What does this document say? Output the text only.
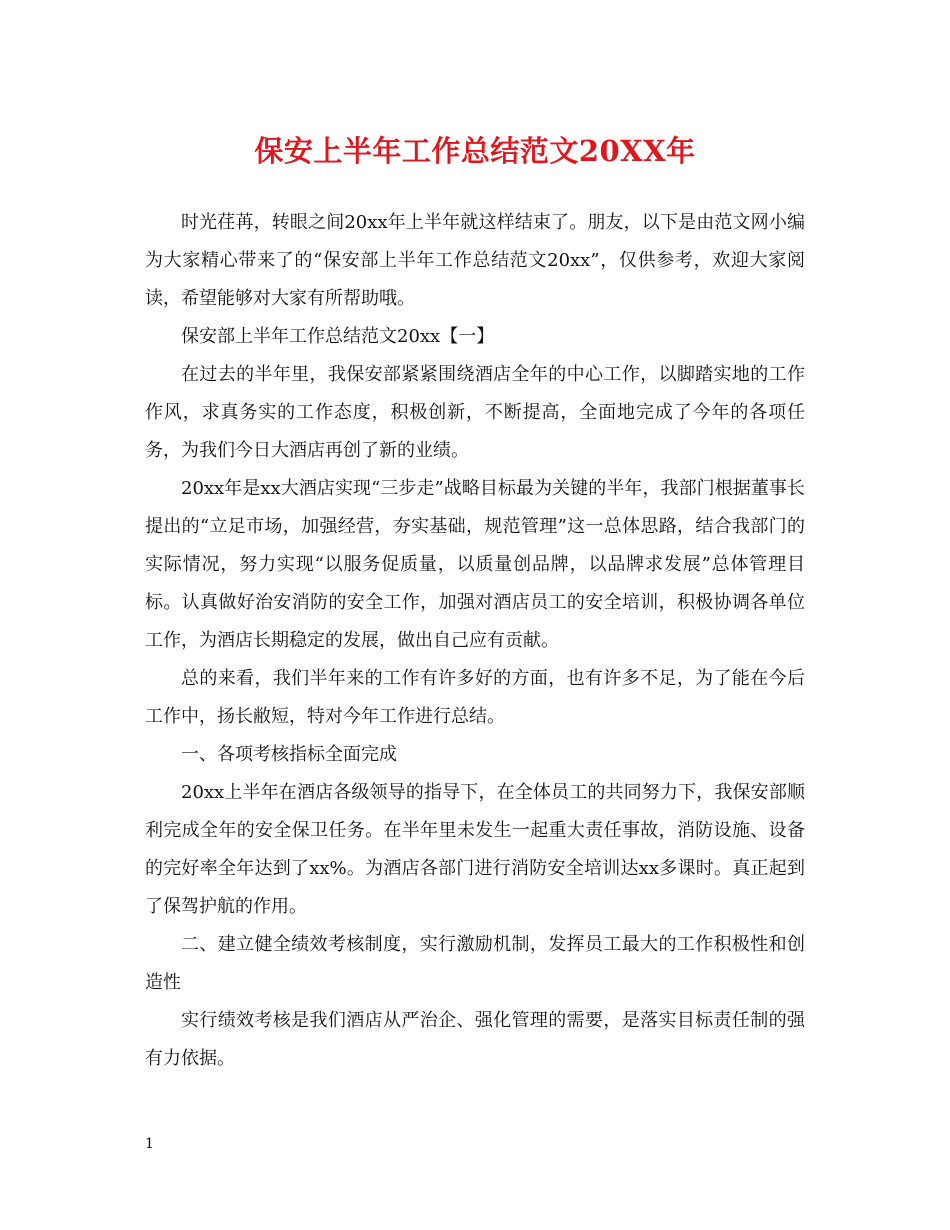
保安上半年工作总结范文20XX年

时光荏苒，转眼之间20xx年上半年就这样结束了。朋友，以下是由范文网小编为大家精心带来了的“保安部上半年工作总结范文20xx”，仅供参考，欢迎大家阅读，希望能够对大家有所帮助哦。

保安部上半年工作总结范文20xx【一】

在过去的半年里，我保安部紧紧围绕酒店全年的中心工作，以脚踏实地的工作作风，求真务实的工作态度，积极创新，不断提高，全面地完成了今年的各项任务，为我们今日大酒店再创了新的业绩。

20xx年是xx大酒店实现“三步走”战略目标最为关键的半年，我部门根据董事长提出的“立足市场，加强经营，夯实基础，规范管理”这一总体思路，结合我部门的实际情况，努力实现“以服务促质量，以质量创品牌，以品牌求发展”总体管理目标。认真做好治安消防的安全工作，加强对酒店员工的安全培训，积极协调各单位工作，为酒店长期稳定的发展，做出自己应有贡献。

总的来看，我们半年来的工作有许多好的方面，也有许多不足，为了能在今后工作中，扬长敝短，特对今年工作进行总结。

一、各项考核指标全面完成

20xx上半年在酒店各级领导的指导下，在全体员工的共同努力下，我保安部顺利完成全年的安全保卫任务。在半年里未发生一起重大责任事故，消防设施、设备的完好率全年达到了xx%。为酒店各部门进行消防安全培训达xx多课时。真正起到了保驾护航的作用。

二、建立健全绩效考核制度，实行激励机制，发挥员工最大的工作积极性和创造性

实行绩效考核是我们酒店从严治企、强化管理的需要，是落实目标责任制的强有力依据。

1
